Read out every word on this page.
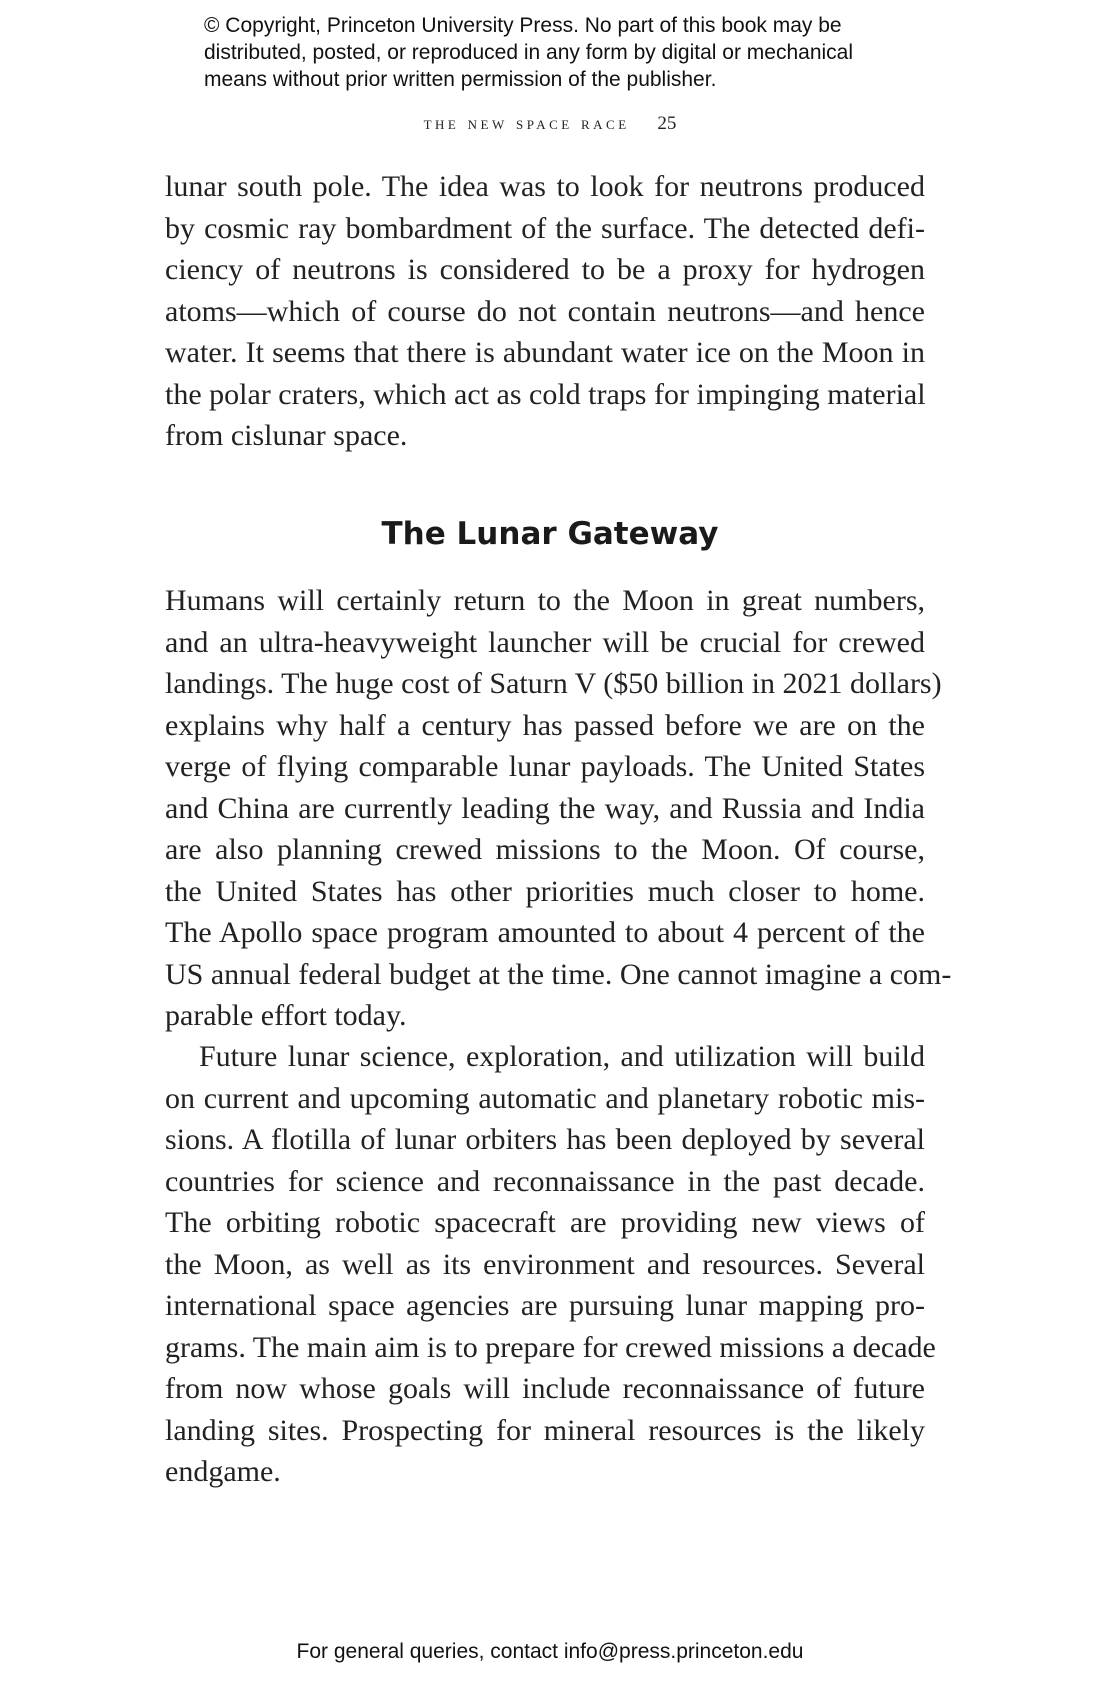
© Copyright, Princeton University Press. No part of this book may be
distributed, posted, or reproduced in any form by digital or mechanical
means without prior written permission of the publisher.
the new space race 25

lunar south pole. The idea was to look for neutrons produced
by cosmic ray bombardment of the surface. The detected defi-
ciency of neutrons is considered to be a proxy for hydrogen
atoms—which of course do not contain neutrons—and hence
water. It seems that there is abundant water ice on the Moon in
the polar craters, which act as cold traps for impinging material
from cislunar space.

The Lunar Gateway

Humans will certainly return to the Moon in great numbers,
and an ultra-heavyweight launcher will be crucial for crewed
landings. The huge cost of Saturn V ($50 billion in 2021 dollars)
explains why half a century has passed before we are on the
verge of flying comparable lunar payloads. The United States
and China are currently leading the way, and Russia and India
are also planning crewed missions to the Moon. Of course,
the United States has other priorities much closer to home.
The Apollo space program amounted to about 4 percent of the
US annual federal budget at the time. One cannot imagine a com-
parable effort today.

Future lunar science, exploration, and utilization will build
on current and upcoming automatic and planetary robotic mis-
sions. A flotilla of lunar orbiters has been deployed by several
countries for science and reconnaissance in the past decade.
The orbiting robotic spacecraft are providing new views of
the Moon, as well as its environment and resources. Several
international space agencies are pursuing lunar mapping pro-
grams. The main aim is to prepare for crewed missions a decade
from now whose goals will include reconnaissance of future
landing sites. Prospecting for mineral resources is the likely
endgame.

For general queries, contact info@press.princeton.edu
